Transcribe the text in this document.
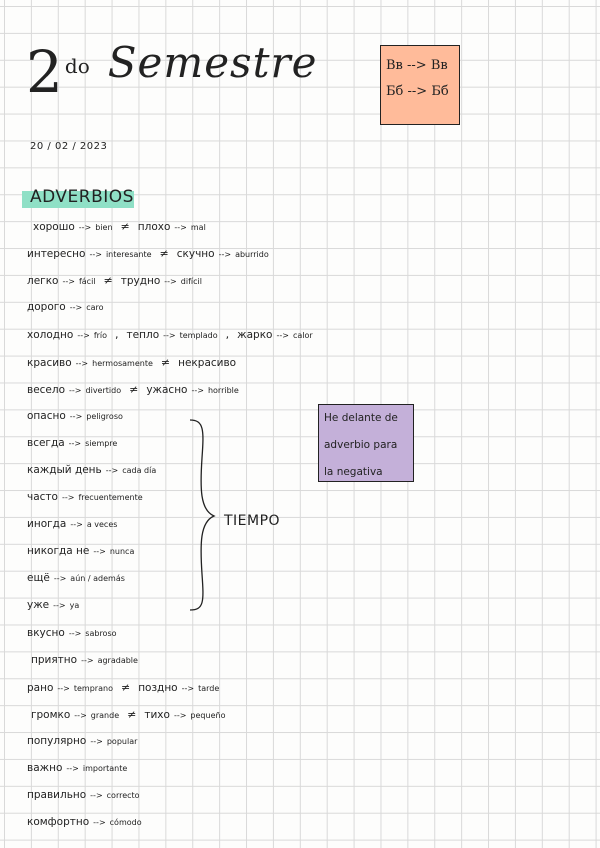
2 do Semestre	Вв --> Вв
Бб --> Бб
20 / 02 / 2023
ADVERBIOS
хорошо --> bien ≠ плохо --> mal
интересно --> interesante ≠ скучно --> aburrido
легко --> fácil ≠ трудно --> difícil
дорого --> caro
холодно --> frío , тепло --> templado , жарко --> calor
красиво --> hermosamente ≠ некрасиво
весело --> divertido ≠ ужасно --> horrible
опасно --> peligroso
всегда --> siempre
каждый день --> cada día
часто --> frecuentemente
иногда --> a veces
никогда не --> nunca
ещё --> aún / además
уже --> ya
вкусно --> sabroso
приятно --> agradable
рано --> temprano ≠ поздно --> tarde
громко --> grande ≠ тихо --> pequeño
популярно --> popular
важно --> importante
правильно --> correcto
комфортно --> cómodo
Не delante de
adverbio para
la negativa
TIEMPO
